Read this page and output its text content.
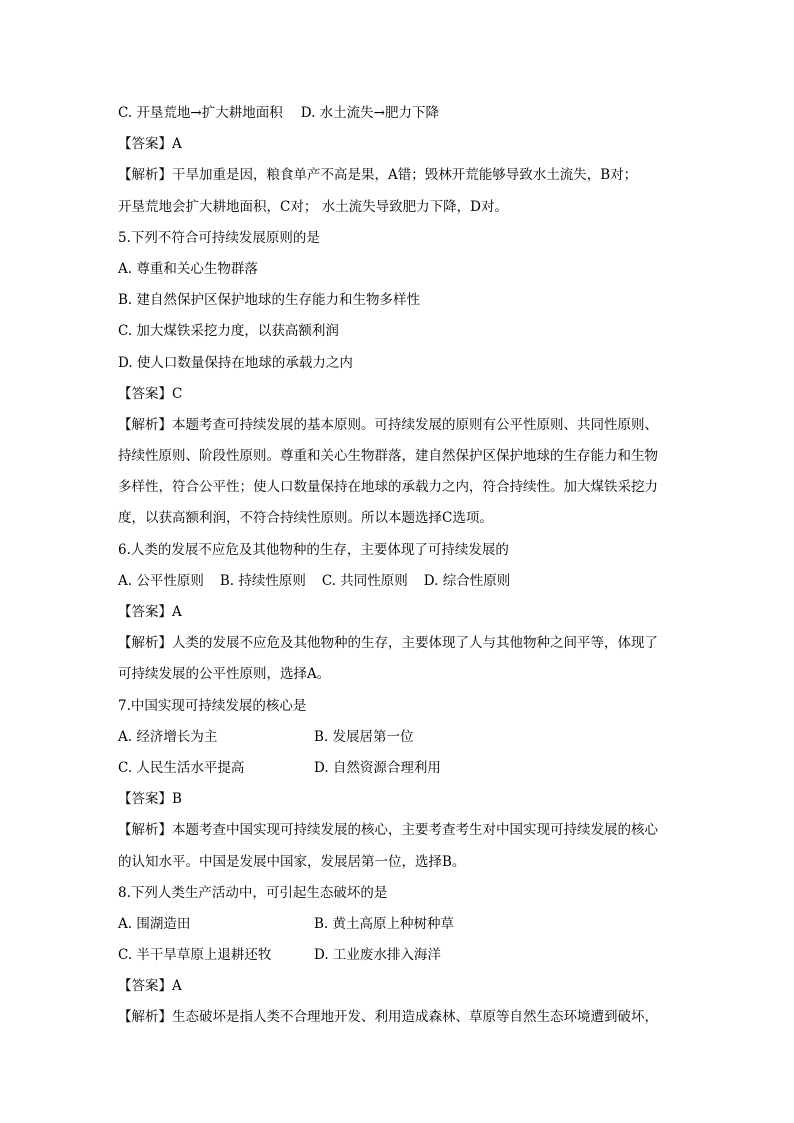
C. 开垦荒地→扩大耕地面积 D. 水土流失→肥力下降
【答案】A
【解析】干旱加重是因，粮食单产不高是果，A错；毁林开荒能够导致水土流失，B对；
开垦荒地会扩大耕地面积，C对； 水土流失导致肥力下降，D对。
5.下列不符合可持续发展原则的是
A. 尊重和关心生物群落
B. 建自然保护区保护地球的生存能力和生物多样性
C. 加大煤铁采挖力度，以获高额利润
D. 使人口数量保持在地球的承载力之内
【答案】C
【解析】本题考查可持续发展的基本原则。可持续发展的原则有公平性原则、共同性原则、
持续性原则、阶段性原则。尊重和关心生物群落，建自然保护区保护地球的生存能力和生物
多样性，符合公平性；使人口数量保持在地球的承载力之内，符合持续性。加大煤铁采挖力
度，以获高额利润，不符合持续性原则。所以本题选择C选项。
6.人类的发展不应危及其他物种的生存，主要体现了可持续发展的
A. 公平性原则 B. 持续性原则 C. 共同性原则 D. 综合性原则
【答案】A
【解析】人类的发展不应危及其他物种的生存，主要体现了人与其他物种之间平等，体现了
可持续发展的公平性原则，选择A。
7.中国实现可持续发展的核心是
A. 经济增长为主	B. 发展居第一位
C. 人民生活水平提高	D. 自然资源合理利用
【答案】B
【解析】本题考查中国实现可持续发展的核心，主要考查考生对中国实现可持续发展的核心
的认知水平。中国是发展中国家，发展居第一位，选择B。
8.下列人类生产活动中，可引起生态破坏的是
A. 围湖造田	B. 黄土高原上种树种草
C. 半干旱草原上退耕还牧	D. 工业废水排入海洋
【答案】A
【解析】生态破坏是指人类不合理地开发、利用造成森林、草原等自然生态环境遭到破坏，
